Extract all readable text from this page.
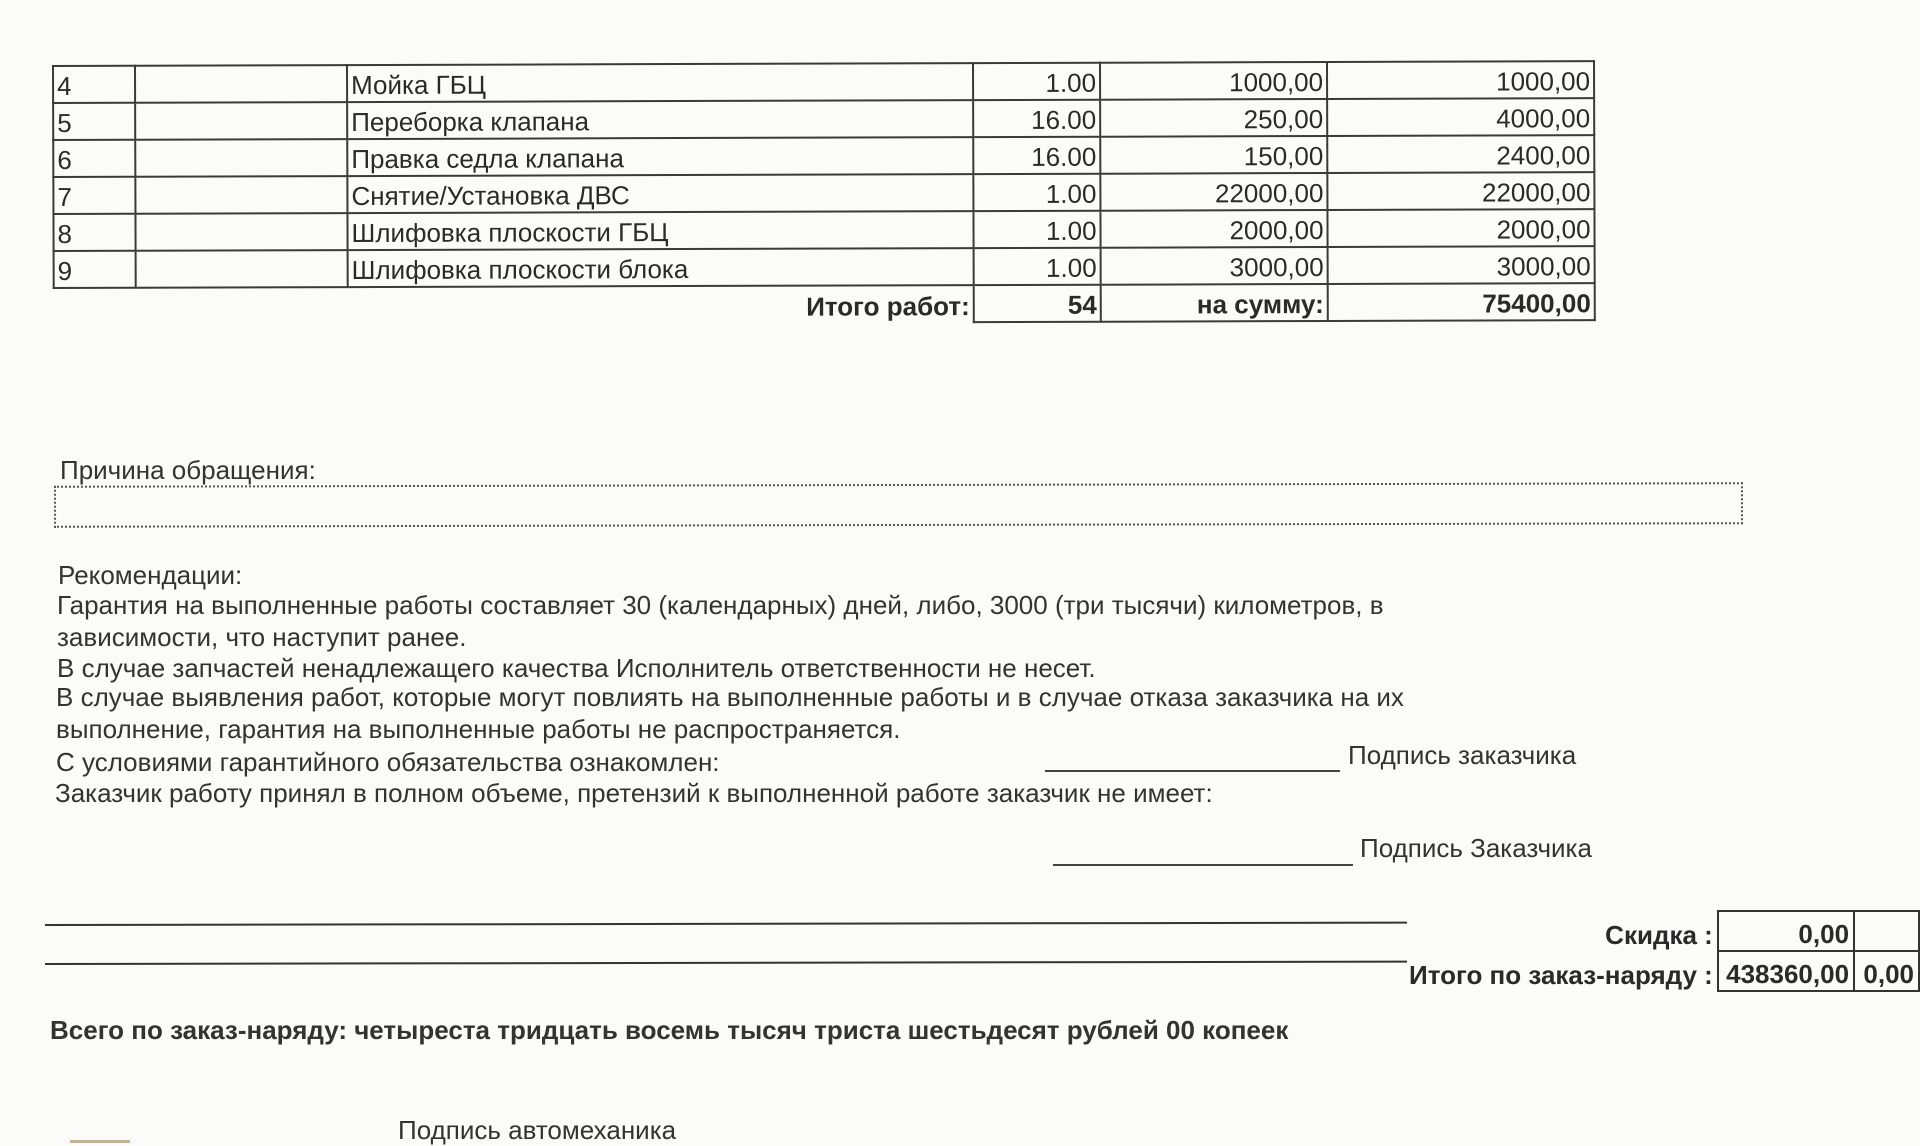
4		Мойка ГБЦ	1.00	1000,00	1000,00
5		Переборка клапана	16.00	250,00	4000,00
6		Правка седла клапана	16.00	150,00	2400,00
7		Снятие/Установка ДВС	1.00	22000,00	22000,00
8		Шлифовка плоскости ГБЦ	1.00	2000,00	2000,00
9		Шлифовка плоскости блока	1.00	3000,00	3000,00
Итого работ:			54	на сумму:	75400,00
Причина обращения:
Рекомендации:
Гарантия на выполненные работы составляет 30 (календарных) дней, либо, 3000 (три тысячи) километров, в
зависимости, что наступит ранее.
В случае запчастей ненадлежащего качества Исполнитель ответственности не несет.
В случае выявления работ, которые могут повлиять на выполненные работы и в случае отказа заказчика на их
выполнение, гарантия на выполненные работы не распространяется.
С условиями гарантийного обязательства ознакомлен:	Подпись заказчика
Заказчик работу принял в полном объеме, претензий к выполненной работе заказчик не имеет:
Подпись Заказчика
Скидка :	0,00	
Итого по заказ-наряду :	438360,00	0,00
Всего по заказ-наряду: четыреста тридцать восемь тысяч триста шестьдесят рублей 00 копеек
Подпись автомеханика
